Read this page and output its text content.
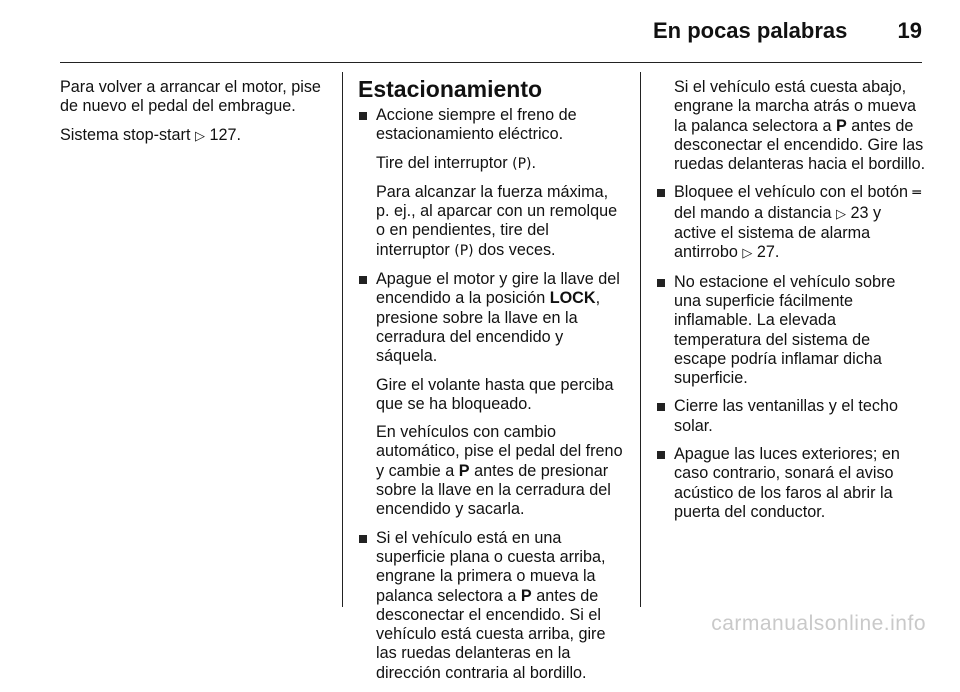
En pocas palabras 19

Para volver a arrancar el motor, pise de nuevo el pedal del embrague.

Sistema stop-start ▷ 127.

Estacionamiento
Accione siempre el freno de estacionamiento eléctrico.

Tire del interruptor (P).

Para alcanzar la fuerza máxima, p. ej., al aparcar con un remolque o en pendientes, tire del interruptor (P) dos veces.

Apague el motor y gire la llave del encendido a la posición LOCK, presione sobre la llave en la cerradura del encendido y sáquela.

Gire el volante hasta que perciba que se ha bloqueado.

En vehículos con cambio automático, pise el pedal del freno y cambie a P antes de presionar sobre la llave en la cerradura del encendido y sacarla.

Si el vehículo está en una superficie plana o cuesta arriba, engrane la primera o mueva la palanca selectora a P antes de desconectar el encendido. Si el vehículo está cuesta arriba, gire las ruedas delanteras en la dirección contraria al bordillo.
Si el vehículo está cuesta abajo, engrane la marcha atrás o mueva la palanca selectora a P antes de desconectar el encendido. Gire las ruedas delanteras hacia el bordillo.
Bloquee el vehículo con el botón ═ del mando a distancia ▷ 23 y active el sistema de alarma antirrobo ▷ 27.
No estacione el vehículo sobre una superficie fácilmente inflamable. La elevada temperatura del sistema de escape podría inflamar dicha superficie.
Cierre las ventanillas y el techo solar.
Apague las luces exteriores; en caso contrario, sonará el aviso acústico de los faros al abrir la puerta del conductor.
carmanualsonline.info
